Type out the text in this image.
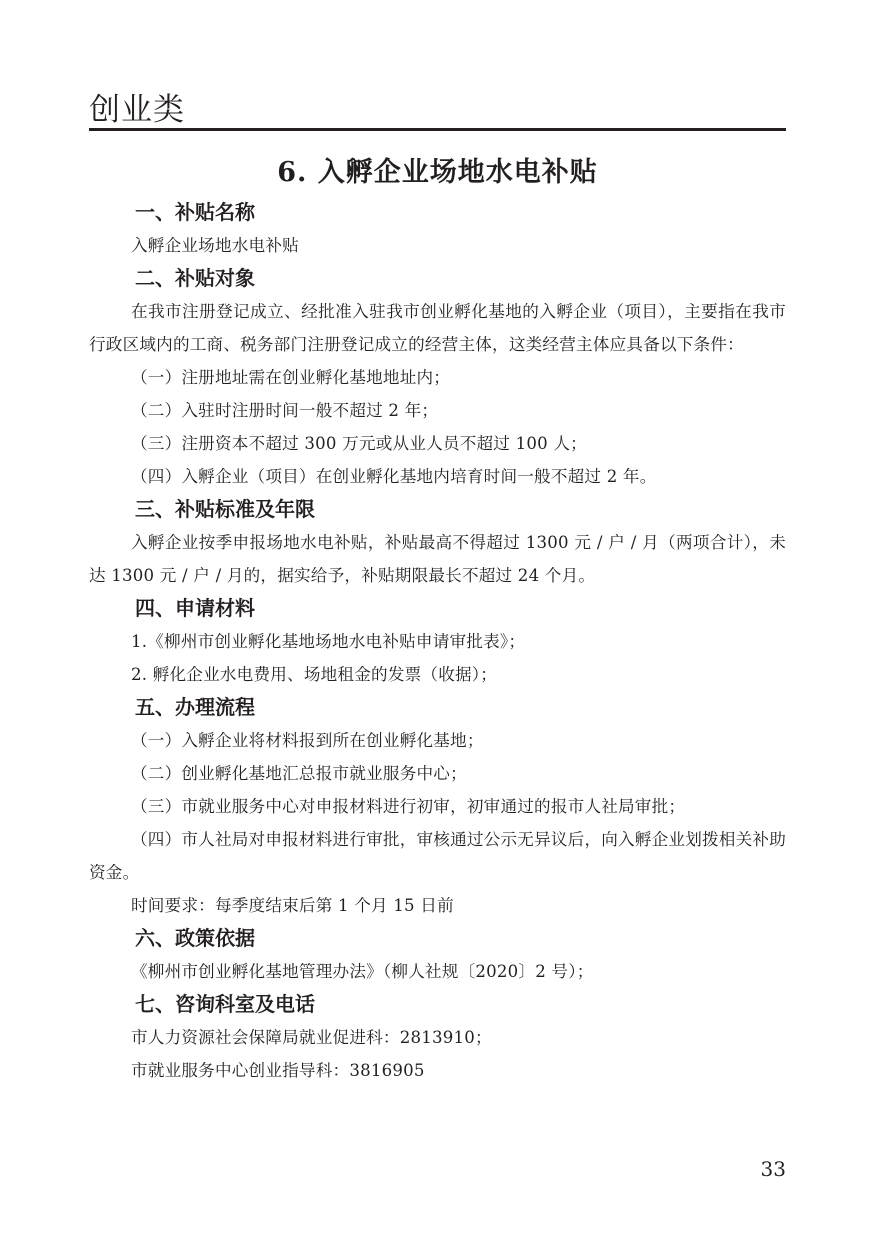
创业类
6. 入孵企业场地水电补贴
一、补贴名称
入孵企业场地水电补贴
二、补贴对象
在我市注册登记成立、经批准入驻我市创业孵化基地的入孵企业（项目），主要指在我市行政区域内的工商、税务部门注册登记成立的经营主体，这类经营主体应具备以下条件：
（一）注册地址需在创业孵化基地地址内；
（二）入驻时注册时间一般不超过 2 年；
（三）注册资本不超过 300 万元或从业人员不超过 100 人；
（四）入孵企业（项目）在创业孵化基地内培育时间一般不超过 2 年。
三、补贴标准及年限
入孵企业按季申报场地水电补贴，补贴最高不得超过 1300 元 / 户 / 月（两项合计），未达 1300 元 / 户 / 月的，据实给予，补贴期限最长不超过 24 个月。
四、申请材料
1.《柳州市创业孵化基地场地水电补贴申请审批表》；
2. 孵化企业水电费用、场地租金的发票（收据）；
五、办理流程
（一）入孵企业将材料报到所在创业孵化基地；
（二）创业孵化基地汇总报市就业服务中心；
（三）市就业服务中心对申报材料进行初审，初审通过的报市人社局审批；
（四）市人社局对申报材料进行审批，审核通过公示无异议后，向入孵企业划拨相关补助资金。
时间要求：每季度结束后第 1 个月 15 日前
六、政策依据
《柳州市创业孵化基地管理办法》（柳人社规〔2020〕2 号）；
七、咨询科室及电话
市人力资源社会保障局就业促进科：2813910；
市就业服务中心创业指导科：3816905
33
